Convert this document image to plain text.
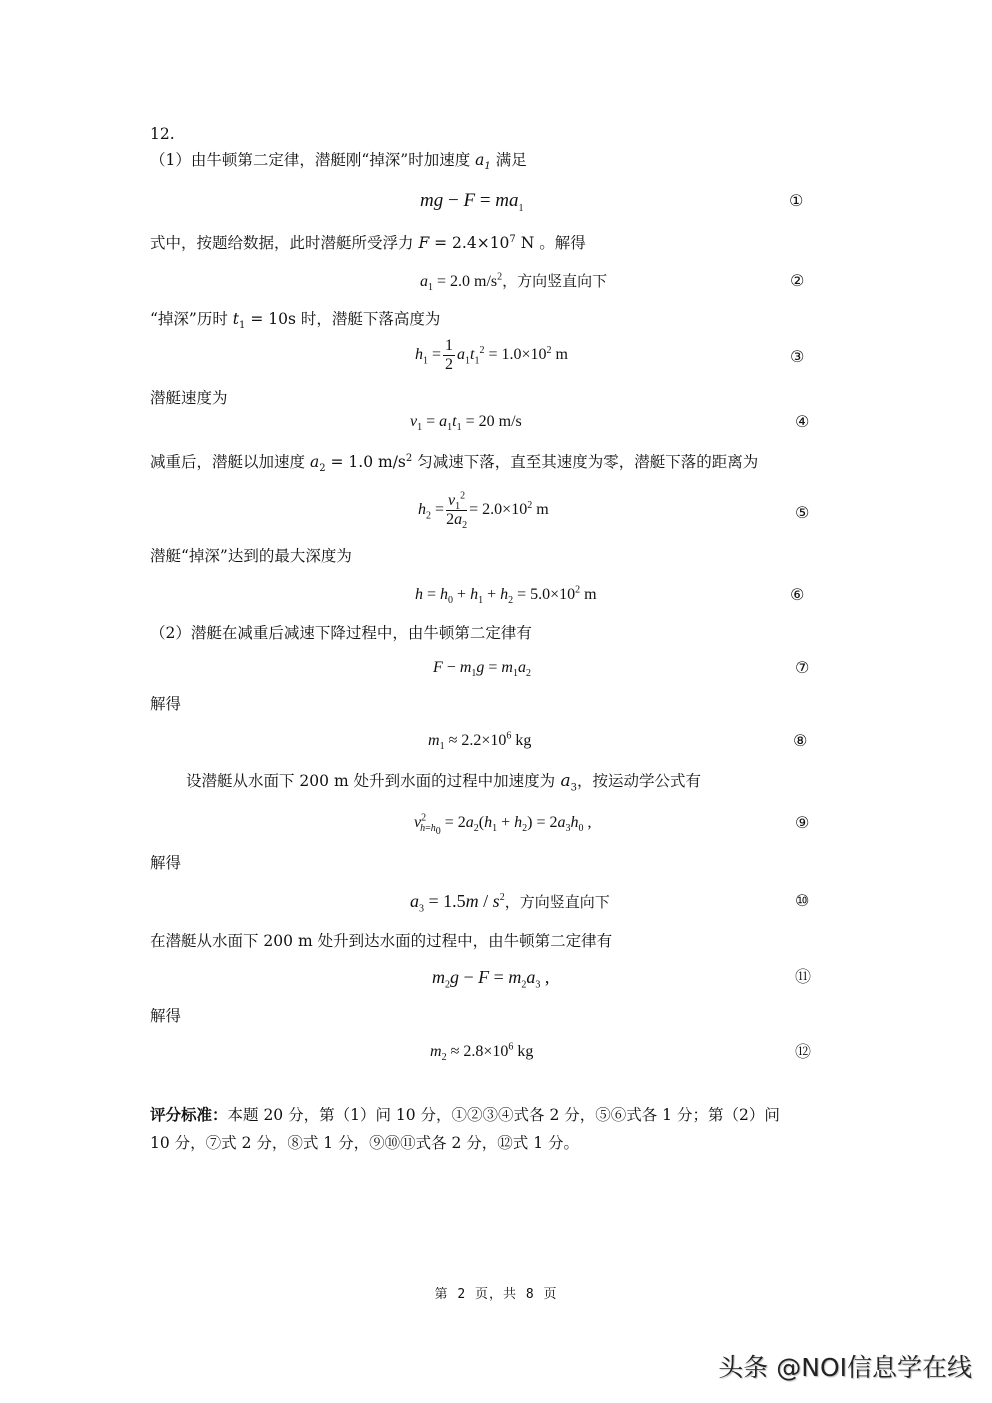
12.
（1）由牛顿第二定律，潜艇刚“掉深”时加速度 $a_1$ 满足
mg − $F = ma_1$	①
式中，按题给数据，此时潜艇所受浮力 $F = 2.4\times 10^7$ N 。解得
$a_1 = 2.0$ $m/s^2$，方向竖直向下	②
“掉深”历时 $t_1 = 10s$ 时，潜艇下落高度为
$h_1 = \frac{1}{2} a_1t_1^2 = 1.0\times 10^2$ m	③
潜艇速度为
$v_1 = a_1t_1 = 20$ m/s	④
减重后，潜艇以加速度 $a_2 = 1.0$ $m/s^2$ 匀减速下落，直至其速度为零，潜艇下落的距离为
$h_2 = \frac{v_1^2}{2a_2} = 2.0\times 10^2$ m	⑤
潜艇“掉深”达到的最大深度为
$h = h_0 + h_1 + h_2 = 5.0\times 10^2$ m	⑥
（2）潜艇在减重后减速下降过程中，由牛顿第二定律有
$F - m_1g = m_1a_2$	⑦
解得
$m_1 \approx 2.2\times 10^6$ kg	⑧
设潜艇从水面下 200 m 处升到水面的过程中加速度为 $a_3$，按运动学公式有
$v^2_{h=h_0} = 2a_2(h_1 + h_2) = 2a_3h_0$ ,	⑨
解得
$a_3 = 1.5m / s^2$，方向竖直向下	⑩
在潜艇从水面下 200 m 处升到达水面的过程中，由牛顿第二定律有
$m_2g - F = m_2a_3$ ,	⑪
解得
$m_2 \approx 2.8\times 10^6$ kg	⑫
评分标准：本题 20 分，第（1）问 10 分，①②③④式各 2 分，⑤⑥式各 1 分；第（2）问
10 分，⑦式 2 分，⑧式 1 分，⑨⑩⑪式各 2 分，⑫式 1 分。
第 2 页，共 8 页
头条 @NOI信息学在线
